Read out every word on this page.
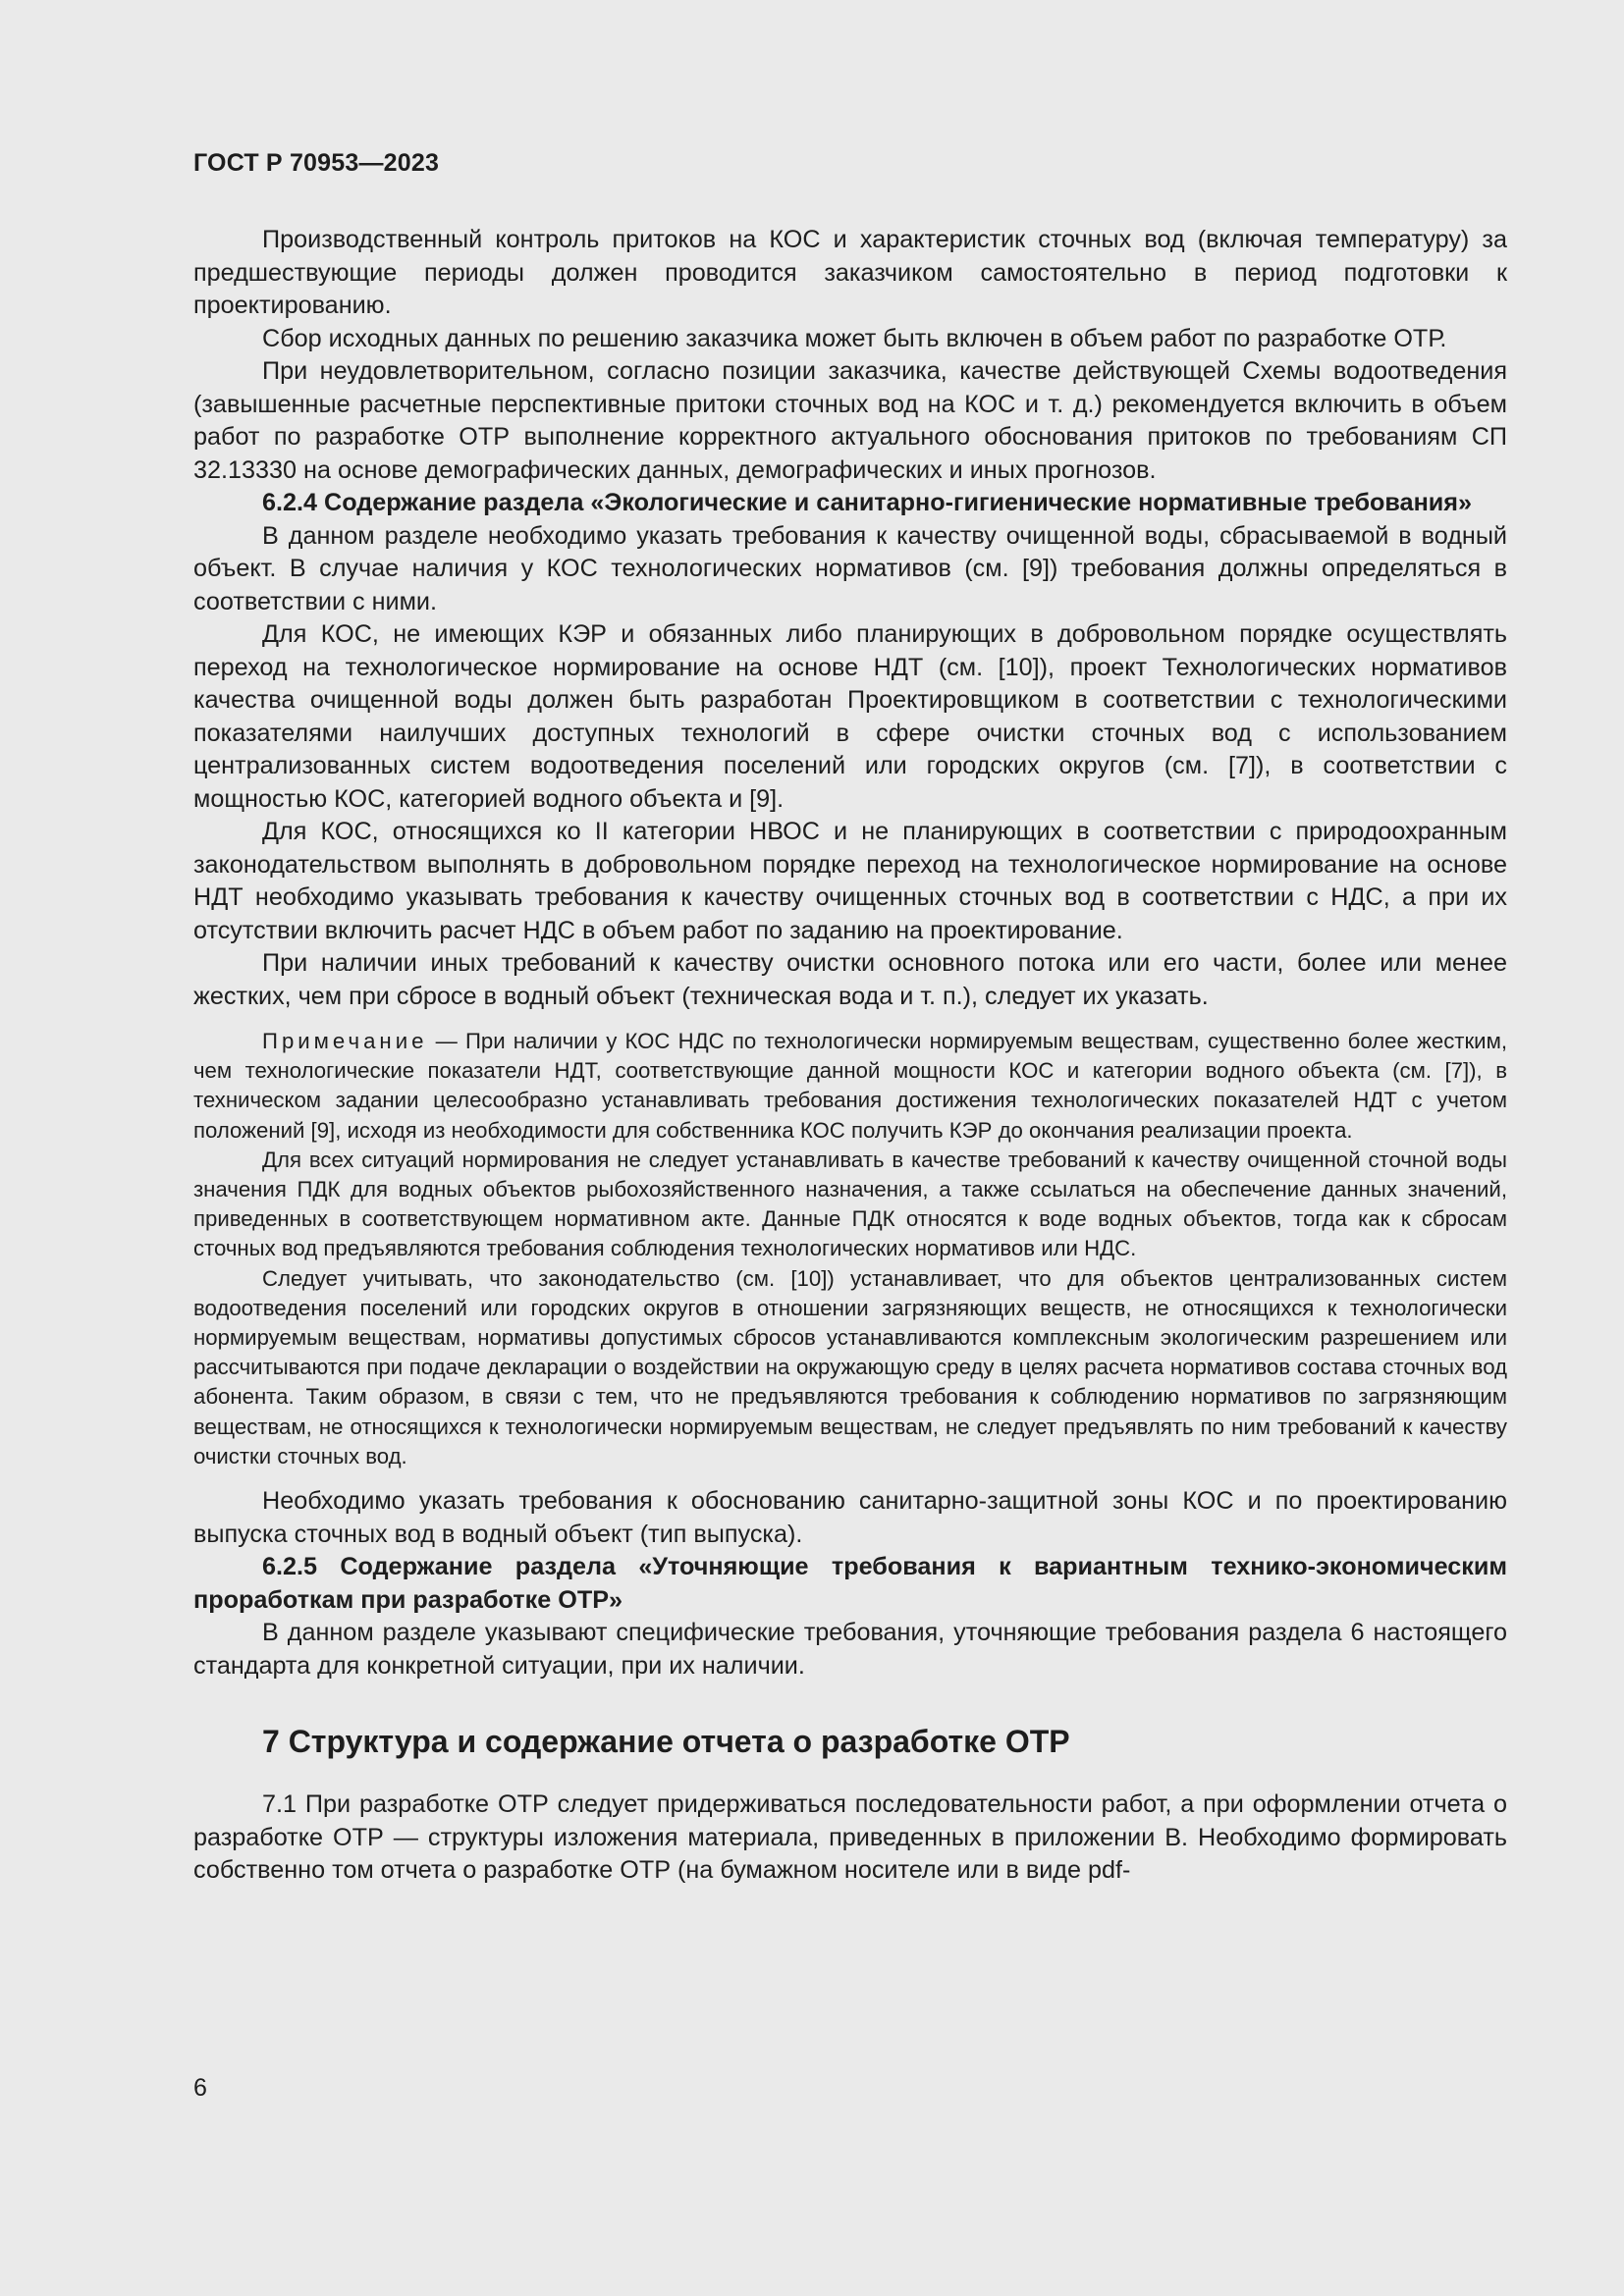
ГОСТ Р 70953—2023

Производственный контроль притоков на КОС и характеристик сточных вод (включая температуру) за предшествующие периоды должен проводится заказчиком самостоятельно в период подготовки к проектированию.

Сбор исходных данных по решению заказчика может быть включен в объем работ по разработке ОТР.

При неудовлетворительном, согласно позиции заказчика, качестве действующей Схемы водоотведения (завышенные расчетные перспективные притоки сточных вод на КОС и т. д.) рекомендуется включить в объем работ по разработке ОТР выполнение корректного актуального обоснования притоков по требованиям СП 32.13330 на основе демографических данных, демографических и иных прогнозов.

6.2.4 Содержание раздела «Экологические и санитарно-гигиенические нормативные требования»

В данном разделе необходимо указать требования к качеству очищенной воды, сбрасываемой в водный объект. В случае наличия у КОС технологических нормативов (см. [9]) требования должны определяться в соответствии с ними.

Для КОС, не имеющих КЭР и обязанных либо планирующих в добровольном порядке осуществлять переход на технологическое нормирование на основе НДТ (см. [10]), проект Технологических нормативов качества очищенной воды должен быть разработан Проектировщиком в соответствии с технологическими показателями наилучших доступных технологий в сфере очистки сточных вод с использованием централизованных систем водоотведения поселений или городских округов (см. [7]), в соответствии с мощностью КОС, категорией водного объекта и [9].

Для КОС, относящихся ко II категории НВОС и не планирующих в соответствии с природоохранным законодательством выполнять в добровольном порядке переход на технологическое нормирование на основе НДТ необходимо указывать требования к качеству очищенных сточных вод в соответствии с НДС, а при их отсутствии включить расчет НДС в объем работ по заданию на проектирование.

При наличии иных требований к качеству очистки основного потока или его части, более или менее жестких, чем при сбросе в водный объект (техническая вода и т. п.), следует их указать.

Примечание — При наличии у КОС НДС по технологически нормируемым веществам, существенно более жестким, чем технологические показатели НДТ, соответствующие данной мощности КОС и категории водного объекта (см. [7]), в техническом задании целесообразно устанавливать требования достижения технологических показателей НДТ с учетом положений [9], исходя из необходимости для собственника КОС получить КЭР до окончания реализации проекта.

Для всех ситуаций нормирования не следует устанавливать в качестве требований к качеству очищенной сточной воды значения ПДК для водных объектов рыбохозяйственного назначения, а также ссылаться на обеспечение данных значений, приведенных в соответствующем нормативном акте. Данные ПДК относятся к воде водных объектов, тогда как к сбросам сточных вод предъявляются требования соблюдения технологических нормативов или НДС.

Следует учитывать, что законодательство (см. [10]) устанавливает, что для объектов централизованных систем водоотведения поселений или городских округов в отношении загрязняющих веществ, не относящихся к технологически нормируемым веществам, нормативы допустимых сбросов устанавливаются комплексным экологическим разрешением или рассчитываются при подаче декларации о воздействии на окружающую среду в целях расчета нормативов состава сточных вод абонента. Таким образом, в связи с тем, что не предъявляются требования к соблюдению нормативов по загрязняющим веществам, не относящихся к технологически нормируемым веществам, не следует предъявлять по ним требований к качеству очистки сточных вод.

Необходимо указать требования к обоснованию санитарно-защитной зоны КОС и по проектированию выпуска сточных вод в водный объект (тип выпуска).

6.2.5 Содержание раздела «Уточняющие требования к вариантным технико-экономическим проработкам при разработке ОТР»

В данном разделе указывают специфические требования, уточняющие требования раздела 6 настоящего стандарта для конкретной ситуации, при их наличии.

7 Структура и содержание отчета о разработке ОТР

7.1 При разработке ОТР следует придерживаться последовательности работ, а при оформлении отчета о разработке ОТР — структуры изложения материала, приведенных в приложении В. Необходимо формировать собственно том отчета о разработке ОТР (на бумажном носителе или в виде pdf-

6
